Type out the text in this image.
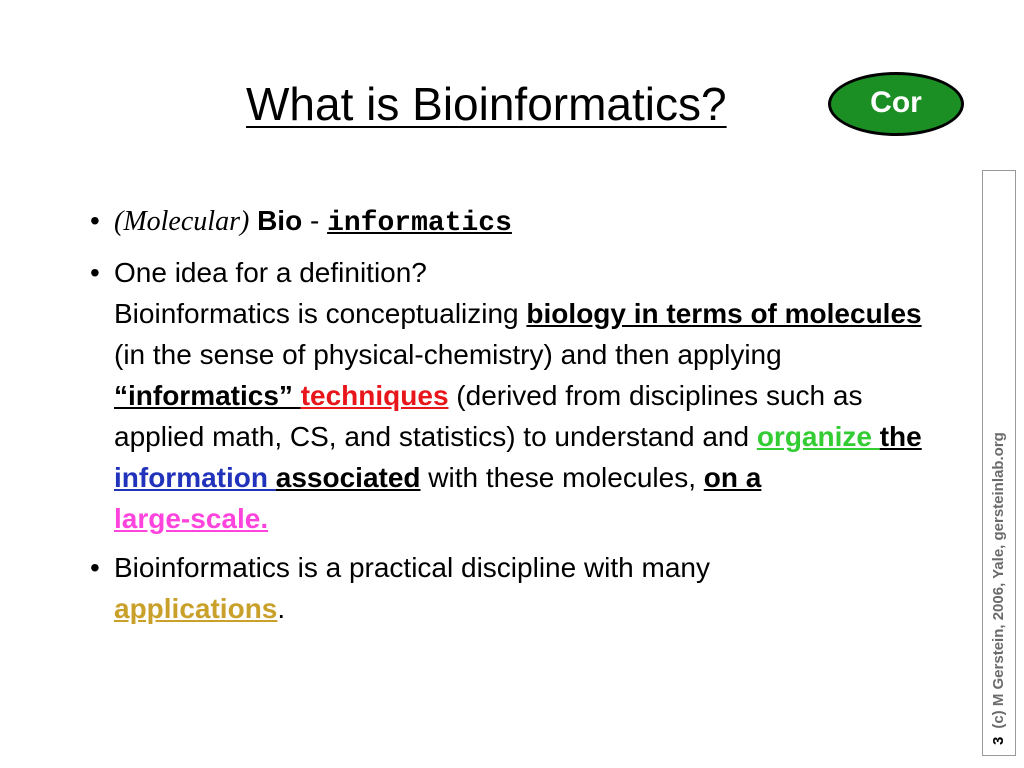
What is Bioinformatics?	Cor
3(c) M Gerstein, 2006, Yale, gersteinlab.org
• (Molecular) Bio - informatics
• One idea for a definition?
Bioinformatics is conceptualizing biology in terms of molecules (in the sense of physical-chemistry) and then applying “informatics” techniques (derived from disciplines such as applied math, CS, and statistics) to understand and organize the
information associated with these molecules, on a
large-scale.
• Bioinformatics is a practical discipline with many
applications.
